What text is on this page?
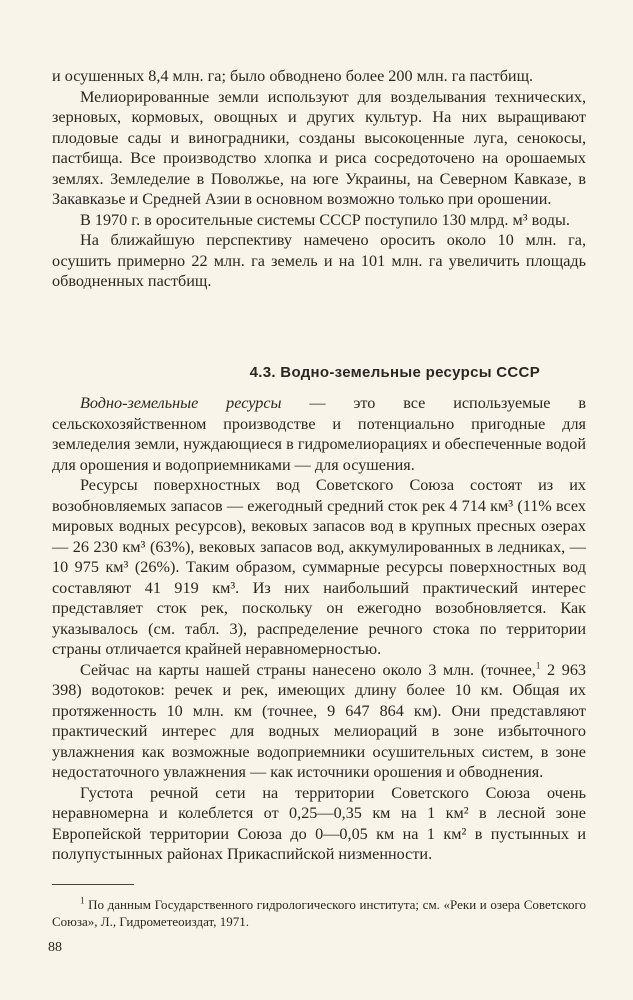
и осушенных 8,4 млн. га; было обводнено более 200 млн. га пастбищ.

Мелиорированные земли используют для возделывания технических, зерновых, кормовых, овощных и других культур. На них выращивают плодовые сады и виноградники, созданы высокоценные луга, сенокосы, пастбища. Все производство хлопка и риса сосредоточено на орошаемых землях. Земледелие в Поволжье, на юге Украины, на Северном Кавказе, в Закавказье и Средней Азии в основном возможно только при орошении.

В 1970 г. в оросительные системы СССР поступило 130 млрд. м³ воды.

На ближайшую перспективу намечено оросить около 10 млн. га, осушить примерно 22 млн. га земель и на 101 млн. га увеличить площадь обводненных пастбищ.

4.3. Водно-земельные ресурсы СССР

Водно-земельные ресурсы — это все используемые в сельскохозяйственном производстве и потенциально пригодные для земледелия земли, нуждающиеся в гидромелиорациях и обеспеченные водой для орошения и водоприемниками — для осушения.

Ресурсы поверхностных вод Советского Союза состоят из их возобновляемых запасов — ежегодный средний сток рек 4 714 км³ (11% всех мировых водных ресурсов), вековых запасов вод в крупных пресных озерах — 26 230 км³ (63%), вековых запасов вод, аккумулированных в ледниках, — 10 975 км³ (26%). Таким образом, суммарные ресурсы поверхностных вод составляют 41 919 км³. Из них наибольший практический интерес представляет сток рек, поскольку он ежегодно возобновляется. Как указывалось (см. табл. 3), распределение речного стока по территории страны отличается крайней неравномерностью.

Сейчас на карты нашей страны нанесено около 3 млн. (точнее,$^1$ 2 963 398) водотоков: речек и рек, имеющих длину более 10 км. Общая их протяженность 10 млн. км (точнее, 9 647 864 км). Они представляют практический интерес для водных мелиораций в зоне избыточного увлажнения как возможные водоприемники осушительных систем, в зоне недостаточного увлажнения — как источники орошения и обводнения.

Густота речной сети на территории Советского Союза очень неравномерна и колеблется от 0,25—0,35 км на 1 км² в лесной зоне Европейской территории Союза до 0—0,05 км на 1 км² в пустынных и полупустынных районах Прикаспийской низменности.

$^1$ По данным Государственного гидрологического института; см. «Реки и озера Советского Союза», Л., Гидрометеоиздат, 1971.

88
